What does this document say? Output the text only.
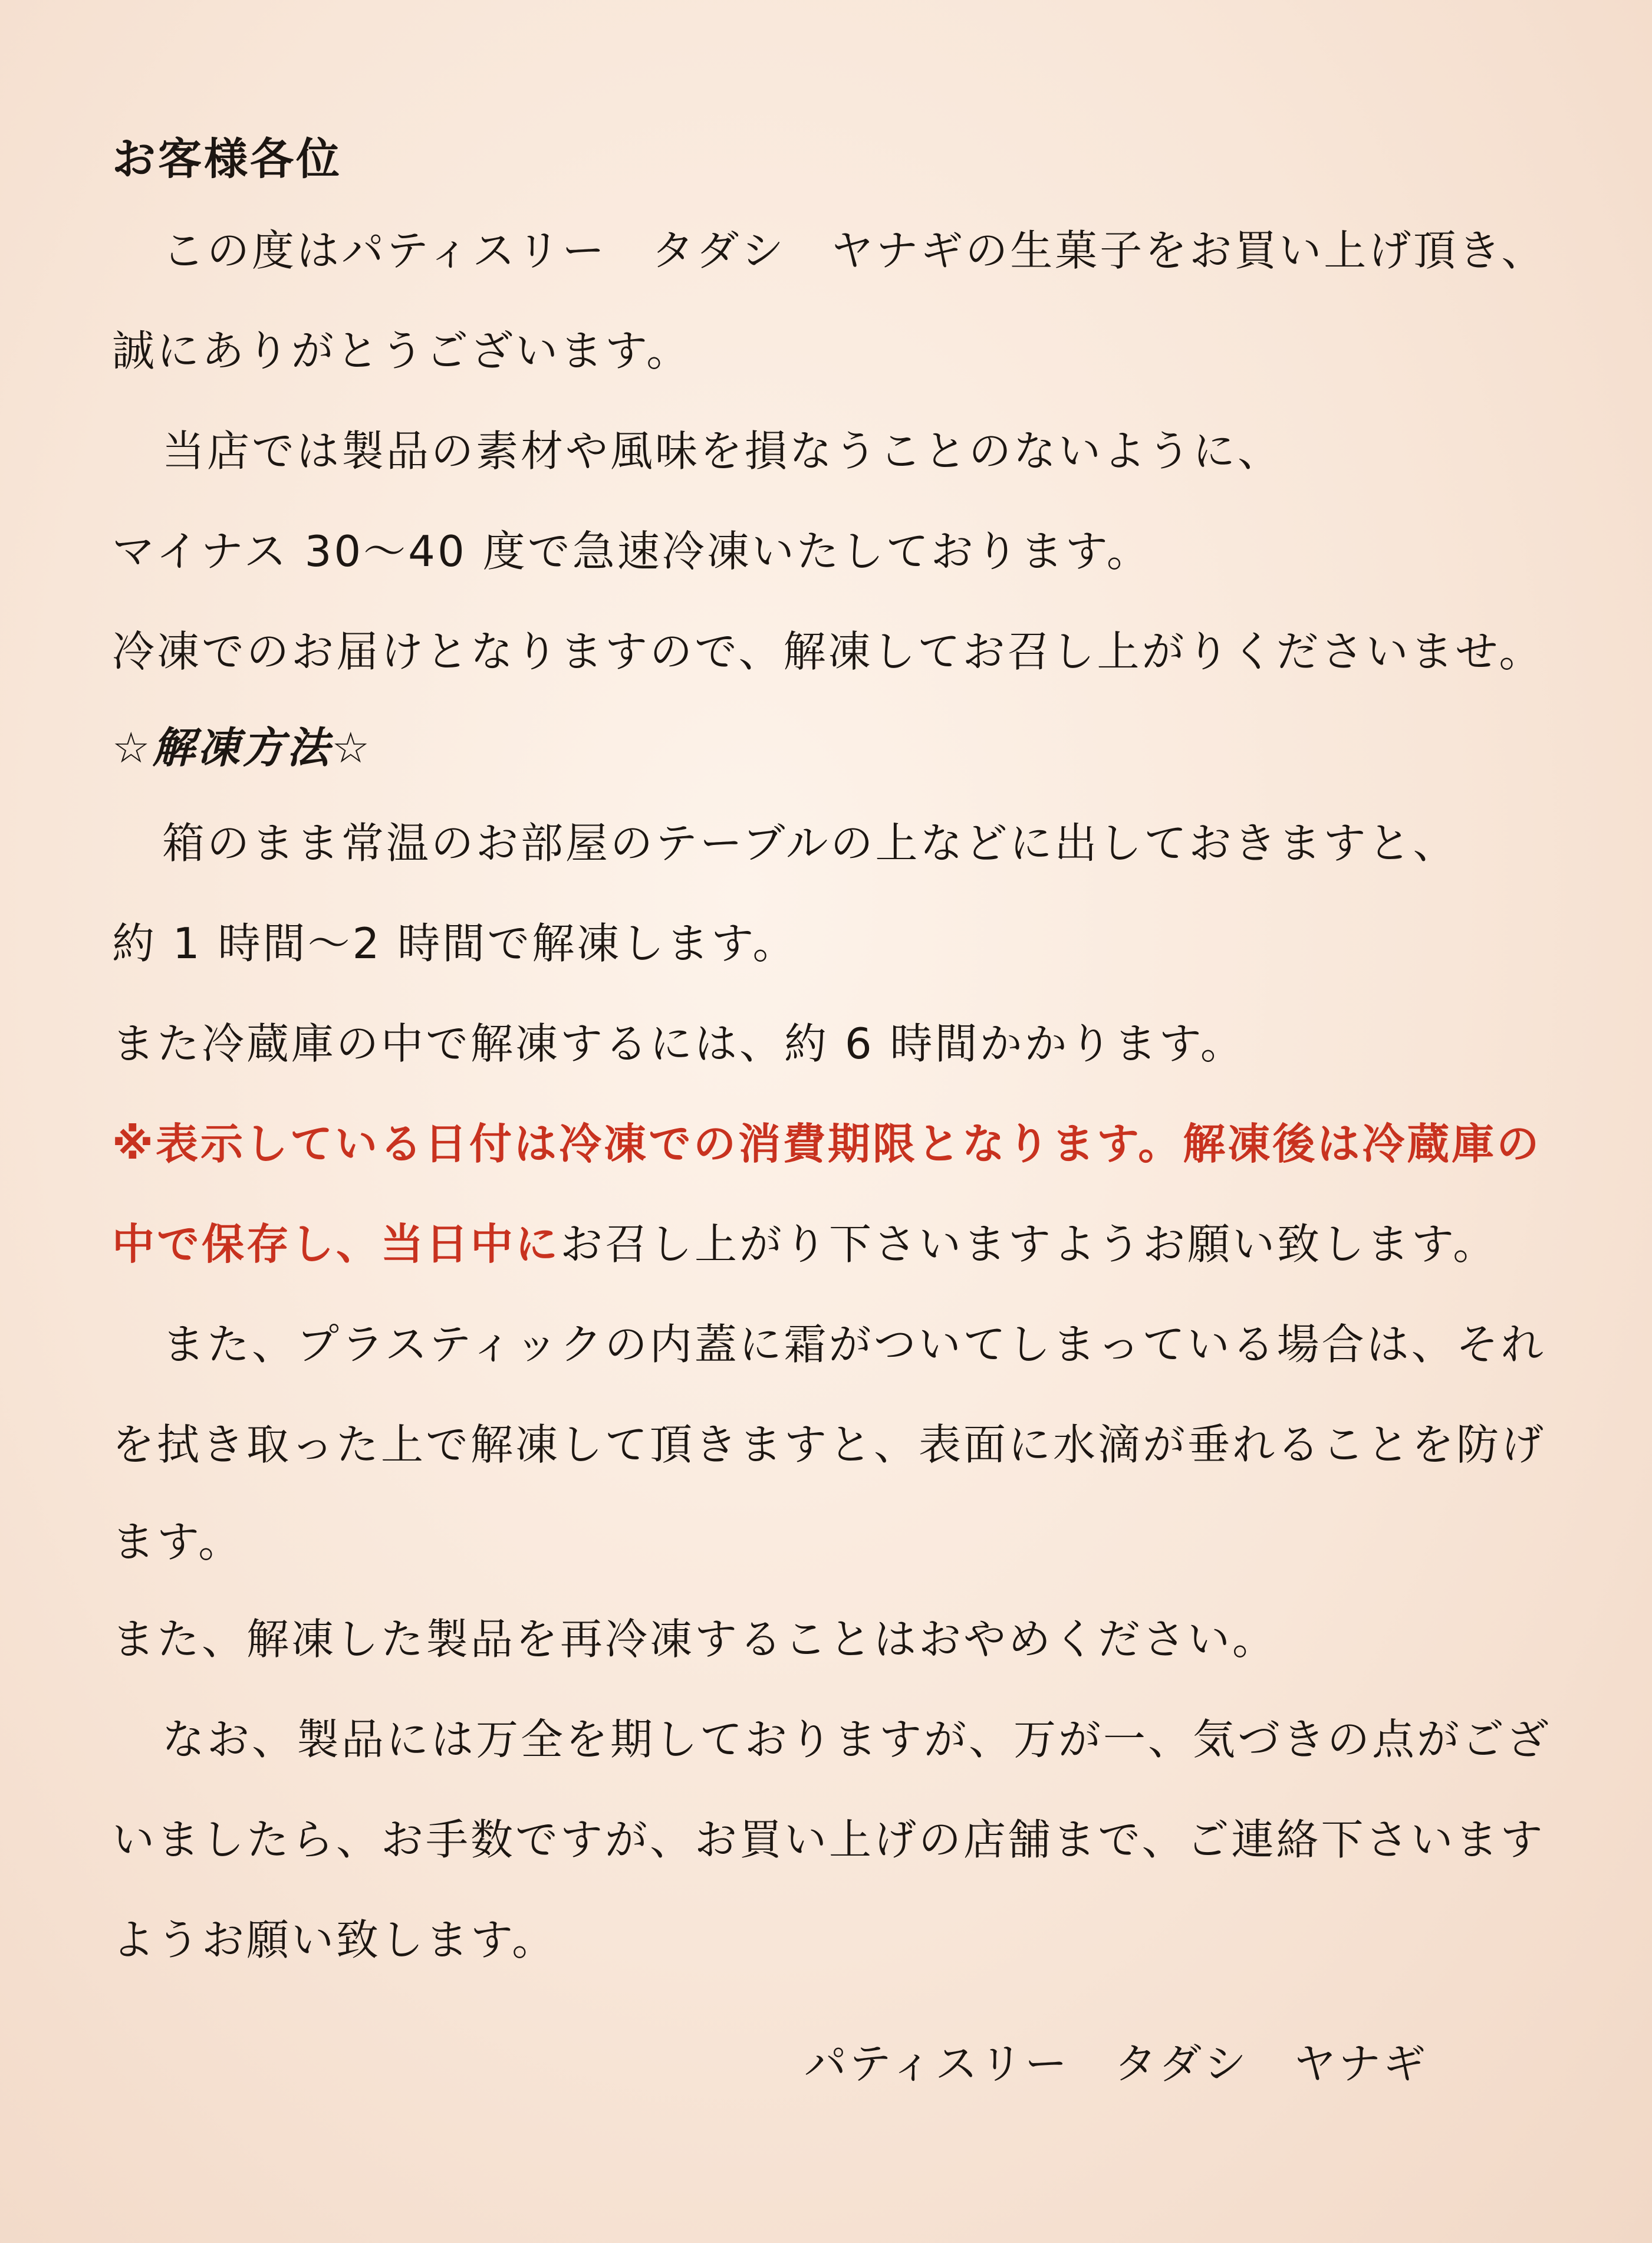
お客様各位
この度はパティスリー　タダシ　ヤナギの生菓子をお買い上げ頂き、
誠にありがとうございます。
当店では製品の素材や風味を損なうことのないように、
マイナス 30～40 度で急速冷凍いたしております。
冷凍でのお届けとなりますので、解凍してお召し上がりくださいませ。
☆解凍方法☆
箱のまま常温のお部屋のテーブルの上などに出しておきますと、
約 1 時間～2 時間で解凍します。
また冷蔵庫の中で解凍するには、約 6 時間かかります。
※表示している日付は冷凍での消費期限となります。解凍後は冷蔵庫の
中で保存し、当日中に お召し上がり下さいますようお願い致します。
また、プラスティックの内蓋に霜がついてしまっている場合は、それ
を拭き取った上で解凍して頂きますと、表面に水滴が垂れることを防げ
ます。
また、解凍した製品を再冷凍することはおやめください。
なお、製品には万全を期しておりますが、万が一、気づきの点がござ
いましたら、お手数ですが、お買い上げの店舗まで、ご連絡下さいます
ようお願い致します。
パティスリー　タダシ　ヤナギ
